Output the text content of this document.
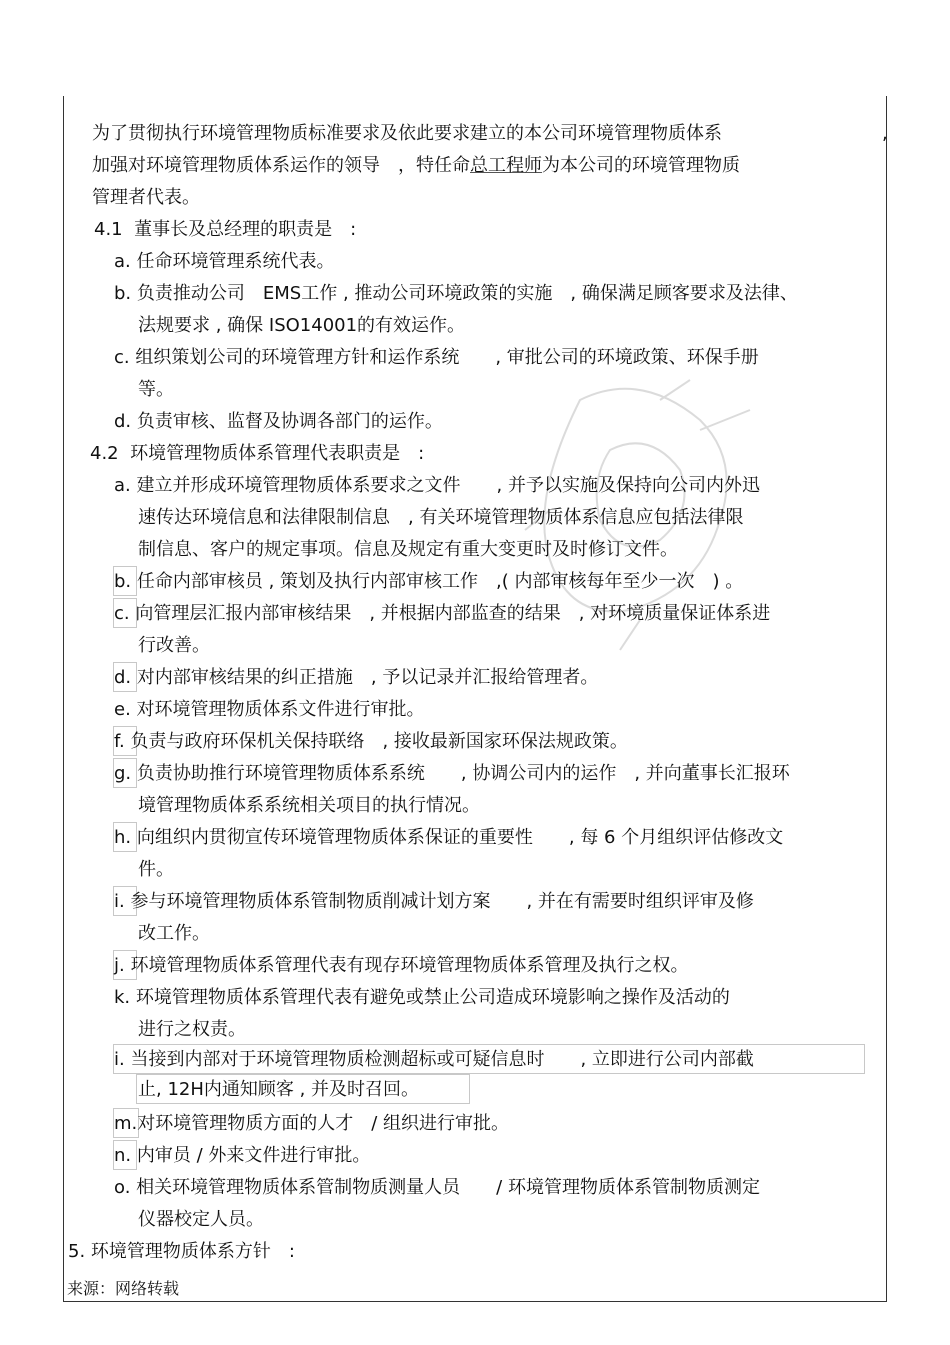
为了贯彻执行环境管理物质标准要求及依此要求建立的本公司环境管理物质体系	,
加强对环境管理物质体系运作的领导　，特任命总工程师为本公司的环境管理物质
管理者代表。
4.1  董事长及总经理的职责是　:
a. 任命环境管理系统代表。
b. 负责推动公司　EMS工作 , 推动公司环境政策的实施　, 确保满足顾客要求及法律、
法规要求 , 确保 ISO14001的有效运作。
c. 组织策划公司的环境管理方针和运作系统　　, 审批公司的环境政策、环保手册
等。
d. 负责审核、监督及协调各部门的运作。
4.2  环境管理物质体系管理代表职责是　:
a. 建立并形成环境管理物质体系要求之文件　　, 并予以实施及保持向公司内外迅
速传达环境信息和法律限制信息　, 有关环境管理物质体系信息应包括法律限
制信息、客户的规定事项。信息及规定有重大变更时及时修订文件。
b. 任命内部审核员 , 策划及执行内部审核工作　,( 内部审核每年至少一次　) 。
c. 向管理层汇报内部审核结果　, 并根据内部监查的结果　, 对环境质量保证体系进
行改善。
d. 对内部审核结果的纠正措施　, 予以记录并汇报给管理者。
e. 对环境管理物质体系文件进行审批。
f. 负责与政府环保机关保持联络　, 接收最新国家环保法规政策。
g. 负责协助推行环境管理物质体系系统　　, 协调公司内的运作　, 并向董事长汇报环
境管理物质体系系统相关项目的执行情况。
h. 向组织内贯彻宣传环境管理物质体系保证的重要性　　, 每 6 个月组织评估修改文
件。
i. 参与环境管理物质体系管制物质削减计划方案　　, 并在有需要时组织评审及修
改工作。
j. 环境管理物质体系管理代表有现存环境管理物质体系管理及执行之权。
k. 环境管理物质体系管理代表有避免或禁止公司造成环境影响之操作及活动的
进行之权责。
i. 当接到内部对于环境管理物质检测超标或可疑信息时　　, 立即进行公司内部截
止, 12H内通知顾客 , 并及时召回。
m.对环境管理物质方面的人才　/ 组织进行审批。
n. 内审员 / 外来文件进行审批。
o. 相关环境管理物质体系管制物质测量人员　　/ 环境管理物质体系管制物质测定
仪器校定人员。
5. 环境管理物质体系方针　:
来源：网络转载
